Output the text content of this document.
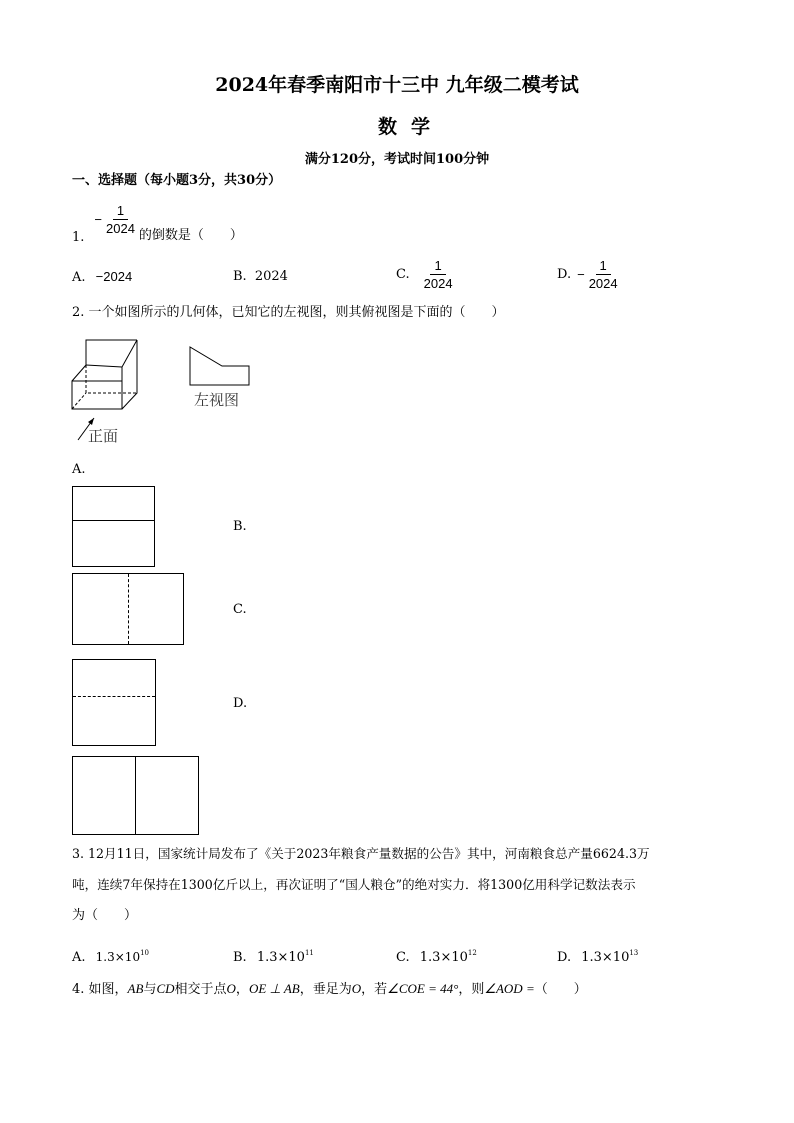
2024年春季南阳市十三中 九年级二模考试
数学
满分120分，考试时间100分钟
一、选择题（每小题3分，共30分）
1.
− $\frac{1}{2024}$ 的倒数是（　　）
A. −2024	B. 2024	C. $\frac{1}{2024}$	D. − $\frac{1}{2024}$
2. 一个如图所示的几何体，已知它的左视图，则其俯视图是下面的（　　）
正面
左视图
A.
B.
C.
D.
3. 12月11日，国家统计局发布了《关于2023年粮食产量数据的公告》其中，河南粮食总产量6624.3万
吨，连续7年保持在1300亿斤以上，再次证明了“国人粮仓”的绝对实力．将1300亿用科学记数法表示
为（　　）
A. $1.3\times 10^{10}$	B. $1.3\times 10^{11}$	C. $1.3\times 10^{12}$	D. $1.3\times 10^{13}$
4. 如图，AB与CD相交于点O，OE ⊥ AB，垂足为O，若∠COE = 44°，则∠AOD =（　　）
